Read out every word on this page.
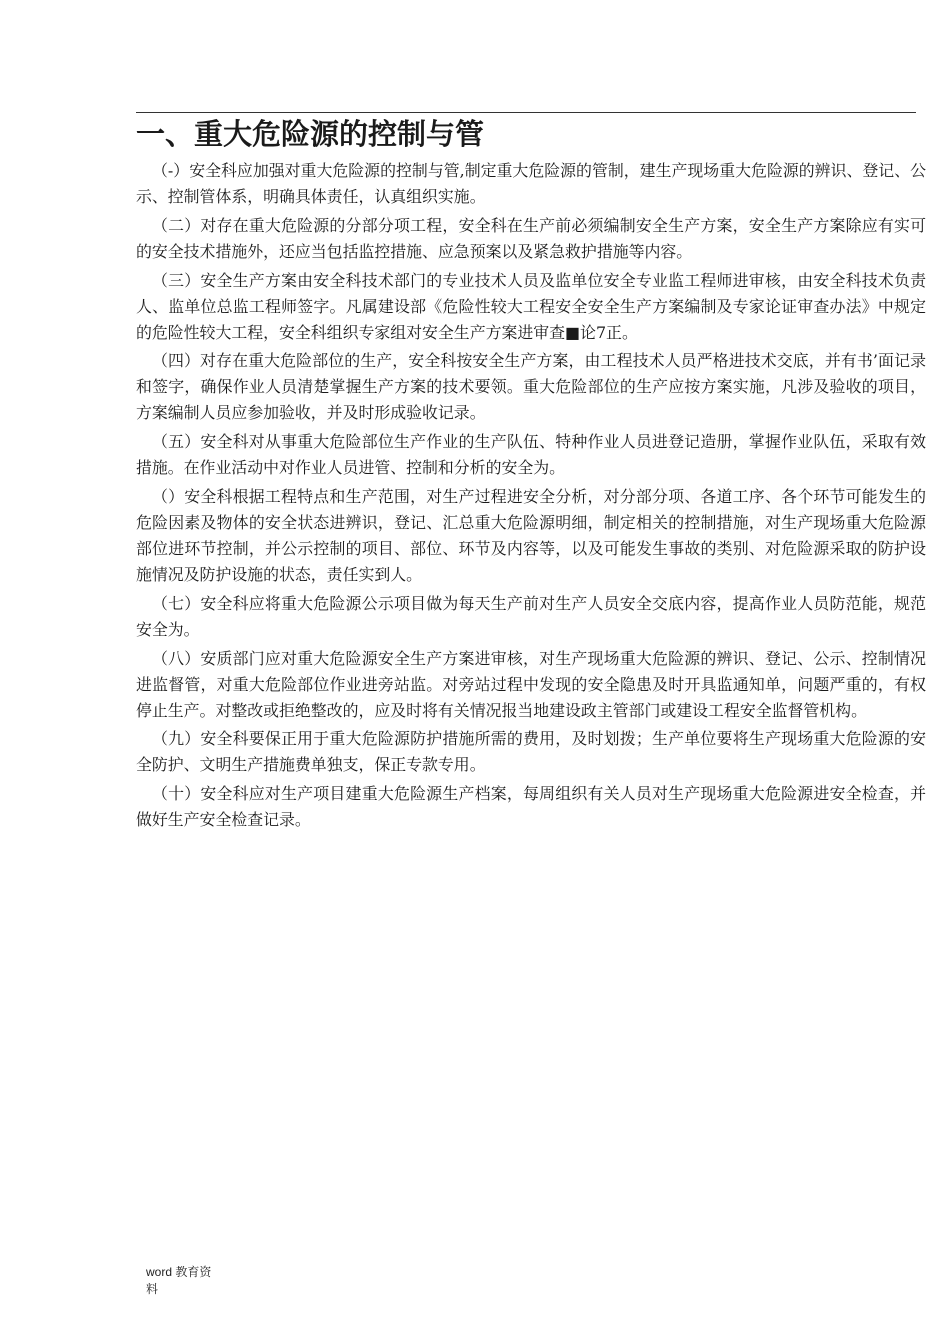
一、重大危险源的控制与管

（-）安全科应加强对重大危险源的控制与管,制定重大危险源的管制，建生产现场重大危险源的辨识、登记、公示、控制管体系，明确具体责任，认真组织实施。

（二）对存在重大危险源的分部分项工程，安全科在生产前必须编制安全生产方案，安全生产方案除应有实可的安全技术措施外，还应当包括监控措施、应急预案以及紧急救护措施等内容。

（三）安全生产方案由安全科技术部门的专业技术人员及监单位安全专业监工程师进审核，由安全科技术负责人、监单位总监工程师签字。凡属建设部《危险性较大工程安全安全生产方案编制及专家论证审查办法》中规定的危险性较大工程，安全科组织专家组对安全生产方案进审查■论7正。

（四）对存在重大危险部位的生产，安全科按安全生产方案，由工程技术人员严格进技术交底，并有书’面记录和签字，确保作业人员清楚掌握生产方案的技术要领。重大危险部位的生产应按方案实施，凡涉及验收的项目，方案编制人员应参加验收，并及时形成验收记录。

（五）安全科对从事重大危险部位生产作业的生产队伍、特种作业人员进登记造册，掌握作业队伍，采取有效措施。在作业活动中对作业人员进管、控制和分析的安全为。

（）安全科根据工程特点和生产范围，对生产过程进安全分析，对分部分项、各道工序、各个环节可能发生的危险因素及物体的安全状态进辨识，登记、汇总重大危险源明细，制定相关的控制措施，对生产现场重大危险源部位进环节控制，并公示控制的项目、部位、环节及内容等，以及可能发生事故的类别、对危险源采取的防护设施情况及防护设施的状态，责任实到人。

（七）安全科应将重大危险源公示项目做为每天生产前对生产人员安全交底内容，提高作业人员防范能，规范安全为。

（八）安质部门应对重大危险源安全生产方案进审核，对生产现场重大危险源的辨识、登记、公示、控制情况进监督管，对重大危险部位作业进旁站监。对旁站过程中发现的安全隐患及时开具监通知单，问题严重的，有权停止生产。对整改或拒绝整改的，应及时将有关情况报当地建设政主管部门或建设工程安全监督管机构。

（九）安全科要保正用于重大危险源防护措施所需的费用，及时划拨；生产单位要将生产现场重大危险源的安全防护、文明生产措施费单独支，保正专款专用。

（十）安全科应对生产项目建重大危险源生产档案，每周组织有关人员对生产现场重大危险源进安全检查，并做好生产安全检查记录。

word 教育资
料
